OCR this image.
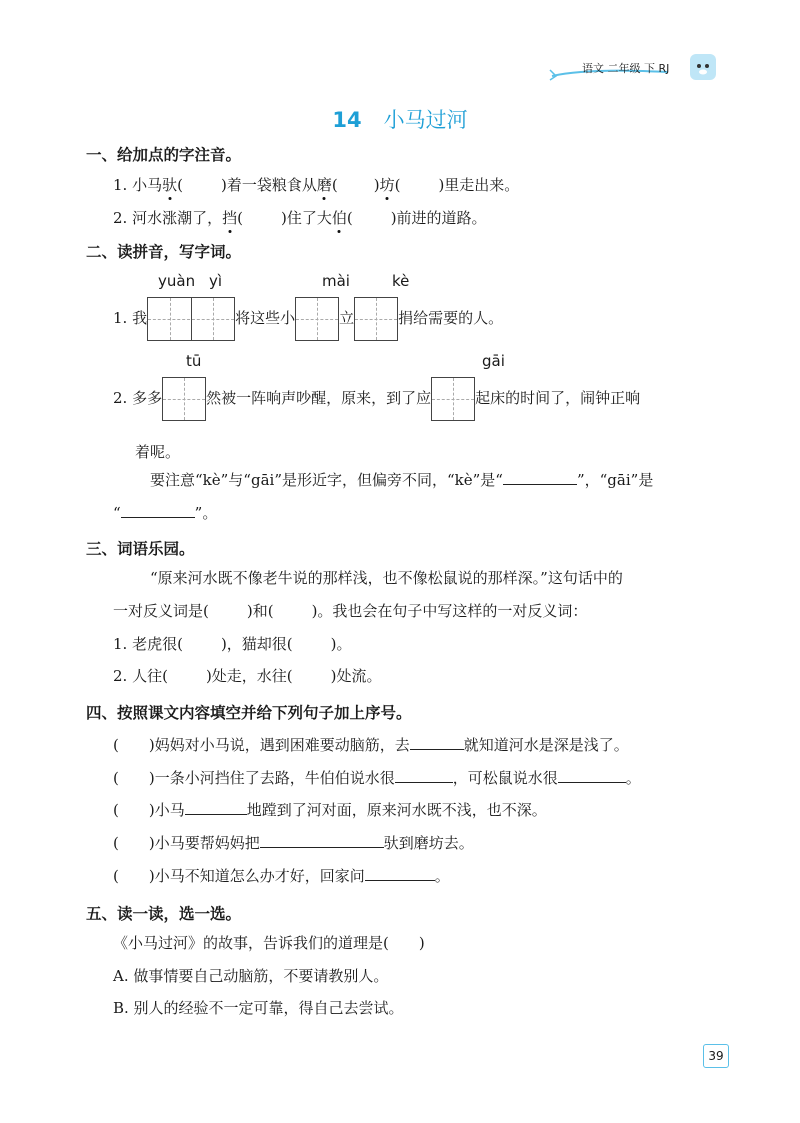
语文 二年级 下 RJ
14 小马过河
一、给加点的字注音。
1. 小马驮(	)着一袋粮食从磨( )坊(	)里走出来。
2. 河水涨潮了，挡(	)住了大伯(	)前进的道路。
二、读拼音，写字词。
yuàn yì	mài	kè
1. 我	将这些小	立	捐给需要的人。
tū	gāi
2. 多多	然被一阵响声吵醒，原来，到了应	起床的时间了，闹钟正响
着呢。
要注意“kè”与“gāi”是形近字，但偏旁不同，“kè”是“	”，“gāi”是
“	”。
三、词语乐园。
“原来河水既不像老牛说的那样浅，也不像松鼠说的那样深。”这句话中的
一对反义词是(	)和(	)。我也会在句子中写这样的一对反义词：
1. 老虎很(	)，猫却很(	)。
2. 人往(	)处走，水往(	)处流。
四、按照课文内容填空并给下列句子加上序号。
( )妈妈对小马说，遇到困难要动脑筋，去	就知道河水是深是浅了。
( )一条小河挡住了去路，牛伯伯说水很	，可松鼠说水很	。
( )小马	地蹚到了河对面，原来河水既不浅，也不深。
( )小马要帮妈妈把	驮到磨坊去。
( )小马不知道怎么办才好，回家问	。
五、读一读，选一选。
《小马过河》的故事，告诉我们的道理是(　　)
A. 做事情要自己动脑筋，不要请教别人。
B. 别人的经验不一定可靠，得自己去尝试。
39
